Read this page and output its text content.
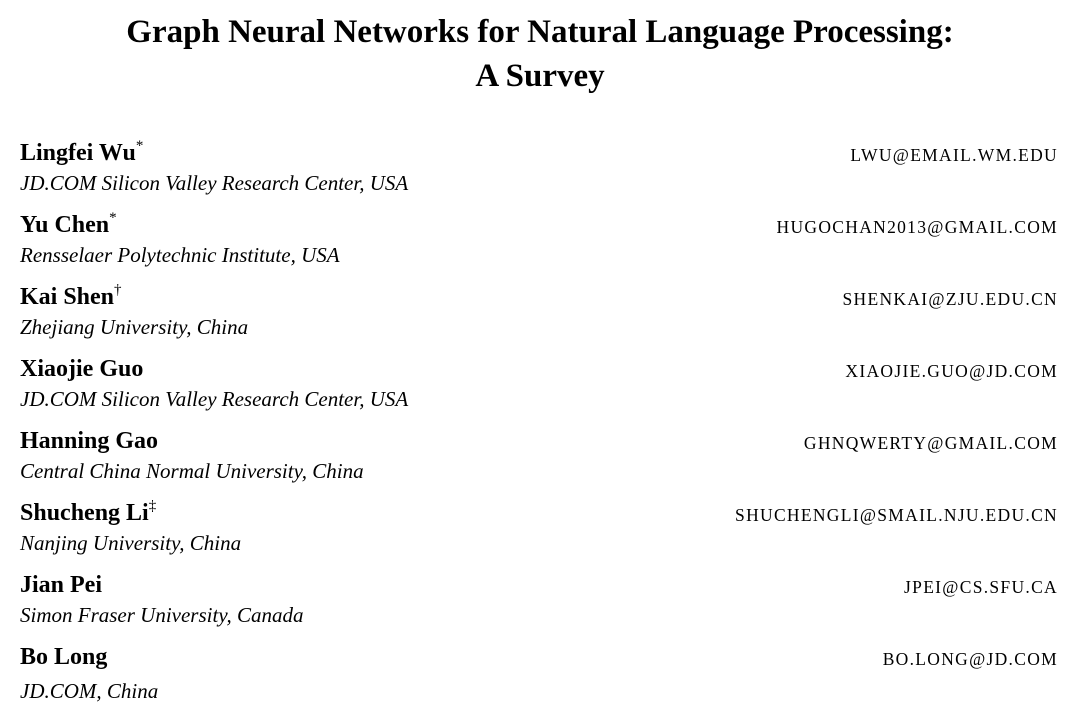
Graph Neural Networks for Natural Language Processing:
A Survey
Lingfei Wu*	LWU@EMAIL.WM.EDU
JD.COM Silicon Valley Research Center, USA
Yu Chen*	HUGOCHAN2013@GMAIL.COM
Rensselaer Polytechnic Institute, USA
Kai Shen†	SHENKAI@ZJU.EDU.CN
Zhejiang University, China
Xiaojie Guo	XIAOJIE.GUO@JD.COM
JD.COM Silicon Valley Research Center, USA
Hanning Gao	GHNQWERTY@GMAIL.COM
Central China Normal University, China
Shucheng Li‡	SHUCHENGLI@SMAIL.NJU.EDU.CN
Nanjing University, China
Jian Pei	JPEI@CS.SFU.CA
Simon Fraser University, Canada
Bo Long	BO.LONG@JD.COM
JD.COM, China
